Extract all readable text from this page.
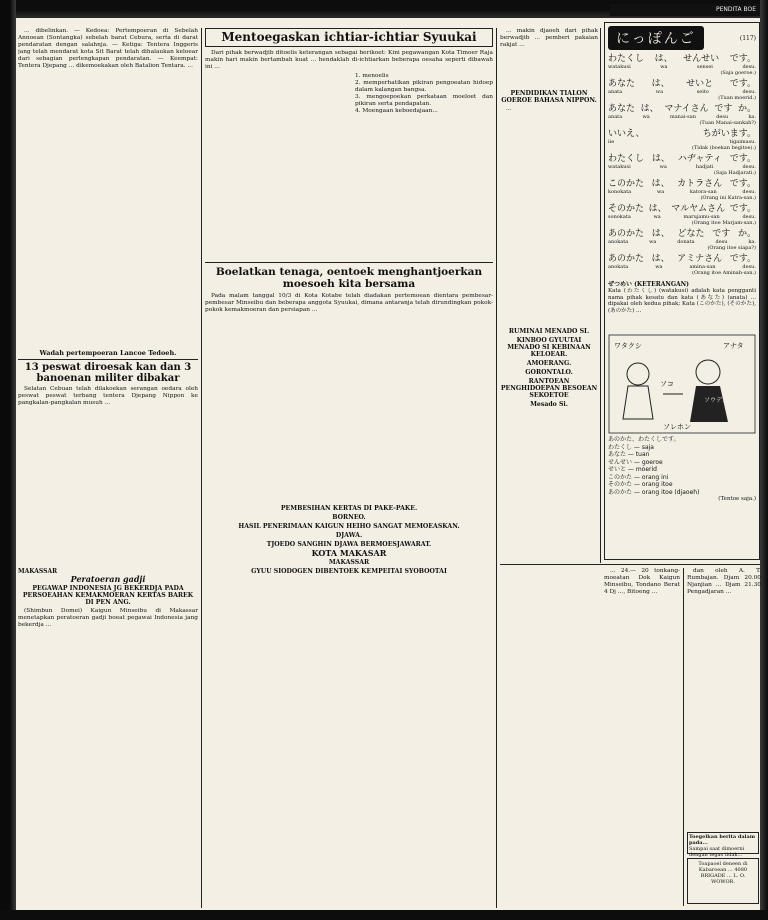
PENDITA BOE

... dibelinkan. — Kedoea: Pertempoeran di Sebelah Annoean (Sontangka) sebelah barat Cebura, serta di darat pendaratan dengan salahnja. — Ketiga: Tentera Inggeris jang telah mendarat kota Sit Barat telah dihalaukan keloear dari sebagian perlengkapan pendaratan. — Keempat: Tentera Djepang ... dikemoekakan oleh Batalion Tentara. ...

Wadah pertempoeran Lancoe Tedoeh.
13 peswat diroesak kan dan 3 banoenan militer dibakar

Selatan Cebuan telah dilakoekan serangan oedara oleh peswat peswat terbang tentera Djepang Nippon ke pangkalan-pangkalan musuh ...

MAKASSAR
Peratoeran gadji
PEGAWAP INDONESIA JG BEKERDJA PADA PERSOEAHAN KEMAKMOERAN KERTAS BAREK DI PEN ANG.

(Shimbun Domei) Kaigun Minseibu di Makassar menetapkan peratoeran gadji boeat pegawai Indonesia jang bekerdja ...

Mentoegaskan ichtiar-ichtiar Syuukai

Dari pihak berwadjib ditoelis keterangan sebagai berikoet: Kini pegawangan Kota Timoer Raja makin hari makin bertambah kuat ... hendaklah di-ichtiarkan beberapa oesaha seperti dibawah ini ...

1. menoelis
2. memperhatikan pikiran pengoeatan hidoep dalam kalangan bangsa.
3. mengoepoekan perkataan moeloet dan pikiran serta pendapatan.
4. Moengaan keboedajaan...
Boelatkan tenaga, oentoek menghantjoerkan moesoeh kita bersama

Pada malam tanggal 10/3 di Kota Kotabe telah diadakan pertemoean dientara pembesar-pembesar Minseibu dan beberapa anggota Syuukai, dimana antaranja telah dirundingkan pokok-pokok kemakmoeran dan persiapan ...

PEMBESIHAN KERTAS DI PAKE-PAKE.
BORNEO.
HASIL PENERIMAAN KAIGUN HEIHO SANGAT MEMOEASKAN.
DJAWA.
TJOEDO SANGHIN DJAWA BERMOESJAWARAT.
KOTA MAKASAR
MAKASSAR
GYUU SIODOGEN DIBENTOEK KEMPEITAI SYOBOOTAI

... makin djaoeh dari pihak berwadjib ... pemberi pakaian rakjat ...

PENDIDIKAN TIALON GOEROE BAHASA NIPPON.

...

RUMINAI MENADO SI.
KINBOO GYUUTAI MENADO SI KEBINAAN KELOEAR.
AMOERANG.
GORONTALO.
RANTOEAN PENGHIDOEPAN BESOEAN SEKOETOE
Mesado Si.
にっぽんご	(117)
わたくし は、 せんせい です。
watakusi	wa	sensei	desu.
(Saja goeroe.)
あなた は、 せいと です。
anata	wa	seito	desu.
(Tuan moerid.)
あなた は、 マナイさん です か。
anata	wa	manai-san	desu	ka.
(Tuan Manai-sankah?)
いいえ、	ちがいます。
iie	tigaimasu.
(Tidak (boekan begitoe).)
わたくし は、 ハヂャティ です。
watakusi	wa	hadjati	desu.
(Saja Hadjarati.)
このかた は、 カトラさん です。
konokata	wa	katora-san	desu.
(Orang ini Katra-san.)
そのかた は、 マルヤムさん です。
sonokata	wa	marujamu-san	desu.
(Orang itoe Marjam-san.)
あのかた は、 どなた です か。
anokata	wa	donata	desu	ka.
(Orang itoe siapa?)
あのかた は、 アミナさん です。
anokata	wa	amina-san	desu.
(Orang itoe Aminah-san.)
ぜつめい (KETERANGAN)
Kata (わたくし) (watakusi) adalah kata pengganti nama pihak kesatu dan kata (あなた) (anata) ... dipakai oleh kedua pihak; Kata (このかた), (そのかた), (あのかた) ...
ワタクシ
ソコ
アナタ
ソウデスカ?
ソレホン
あのかた、わたくしです。
わたくし — saja
あなた — tuan
せんせい — goeroe
せいと — moerid
このかた — orang ini
そのかた — orang itoe
あのかた — orang itoe (djaoeh)
(Tentoe saja.)

... 24.— 20 tonkang-moeatan Dok Kaigun Minseibu, Tondano Berat 4 Dj ..., Bitoeng ...

dan oleh A. T. Rumbajan. Djam 20.00 Njanjian ... Djam 21.30 Pengadjaran ...

Toegelkan berita dalam pada...
Sampai saat dimoerni dengan tegas tidak...
Toapaoel deneen di Kabaroean ... 4080 BRIGADE ... L. O. WOWOR.
